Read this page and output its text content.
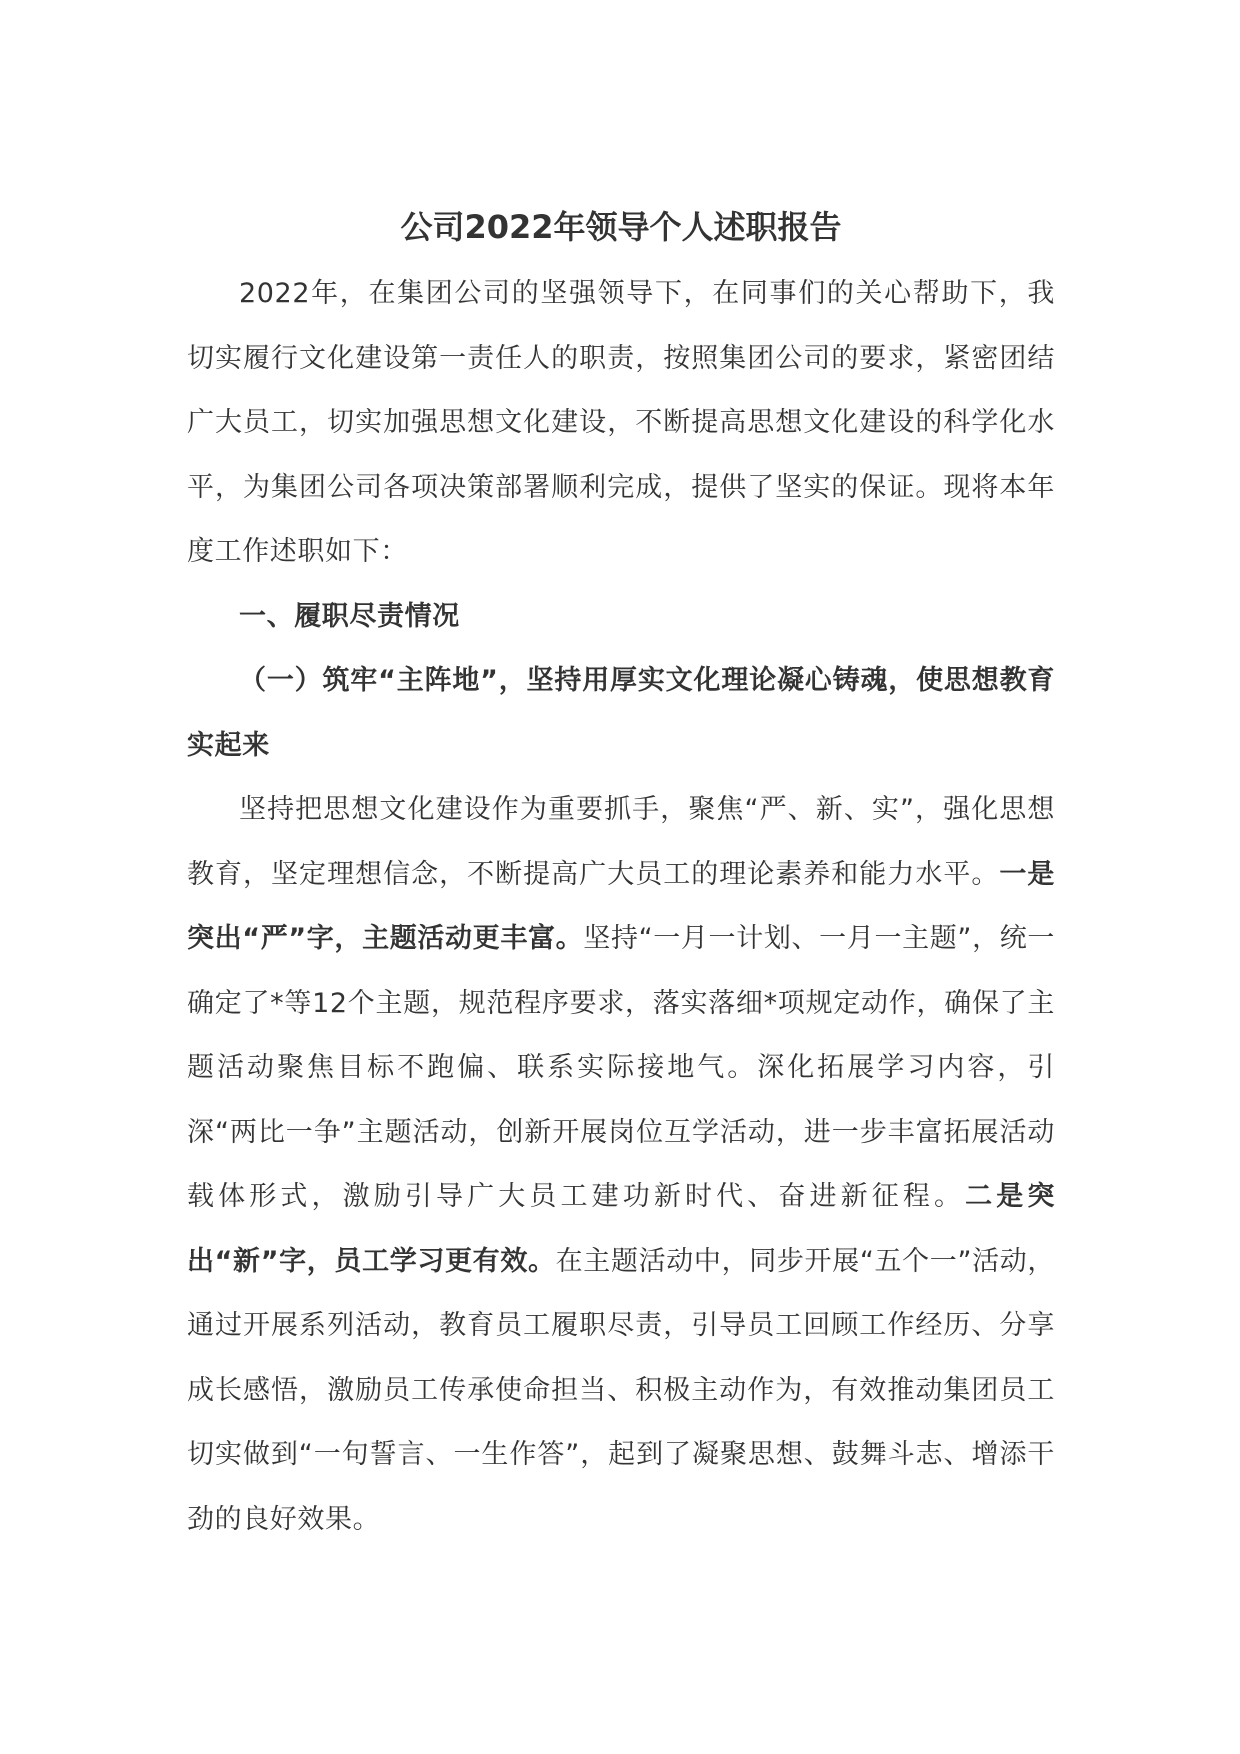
公司2022年领导个人述职报告

2022年，在集团公司的坚强领导下，在同事们的关心帮助下，我切实履行文化建设第一责任人的职责，按照集团公司的要求，紧密团结广大员工，切实加强思想文化建设，不断提高思想文化建设的科学化水平，为集团公司各项决策部署顺利完成，提供了坚实的保证。现将本年度工作述职如下：

一、履职尽责情况

（一）筑牢“主阵地”，坚持用厚实文化理论凝心铸魂，使思想教育实起来

坚持把思想文化建设作为重要抓手，聚焦“严、新、实”，强化思想教育，坚定理想信念，不断提高广大员工的理论素养和能力水平。一是突出“严”字，主题活动更丰富。坚持“一月一计划、一月一主题”，统一确定了*等12个主题，规范程序要求，落实落细*项规定动作，确保了主题活动聚焦目标不跑偏、联系实际接地气。深化拓展学习内容，引深“两比一争”主题活动，创新开展岗位互学活动，进一步丰富拓展活动载体形式，激励引导广大员工建功新时代、奋进新征程。二是突出“新”字，员工学习更有效。在主题活动中，同步开展“五个一”活动，通过开展系列活动，教育员工履职尽责，引导员工回顾工作经历、分享成长感悟，激励员工传承使命担当、积极主动作为，有效推动集团员工切实做到“一句誓言、一生作答”，起到了凝聚思想、鼓舞斗志、增添干劲的良好效果。
